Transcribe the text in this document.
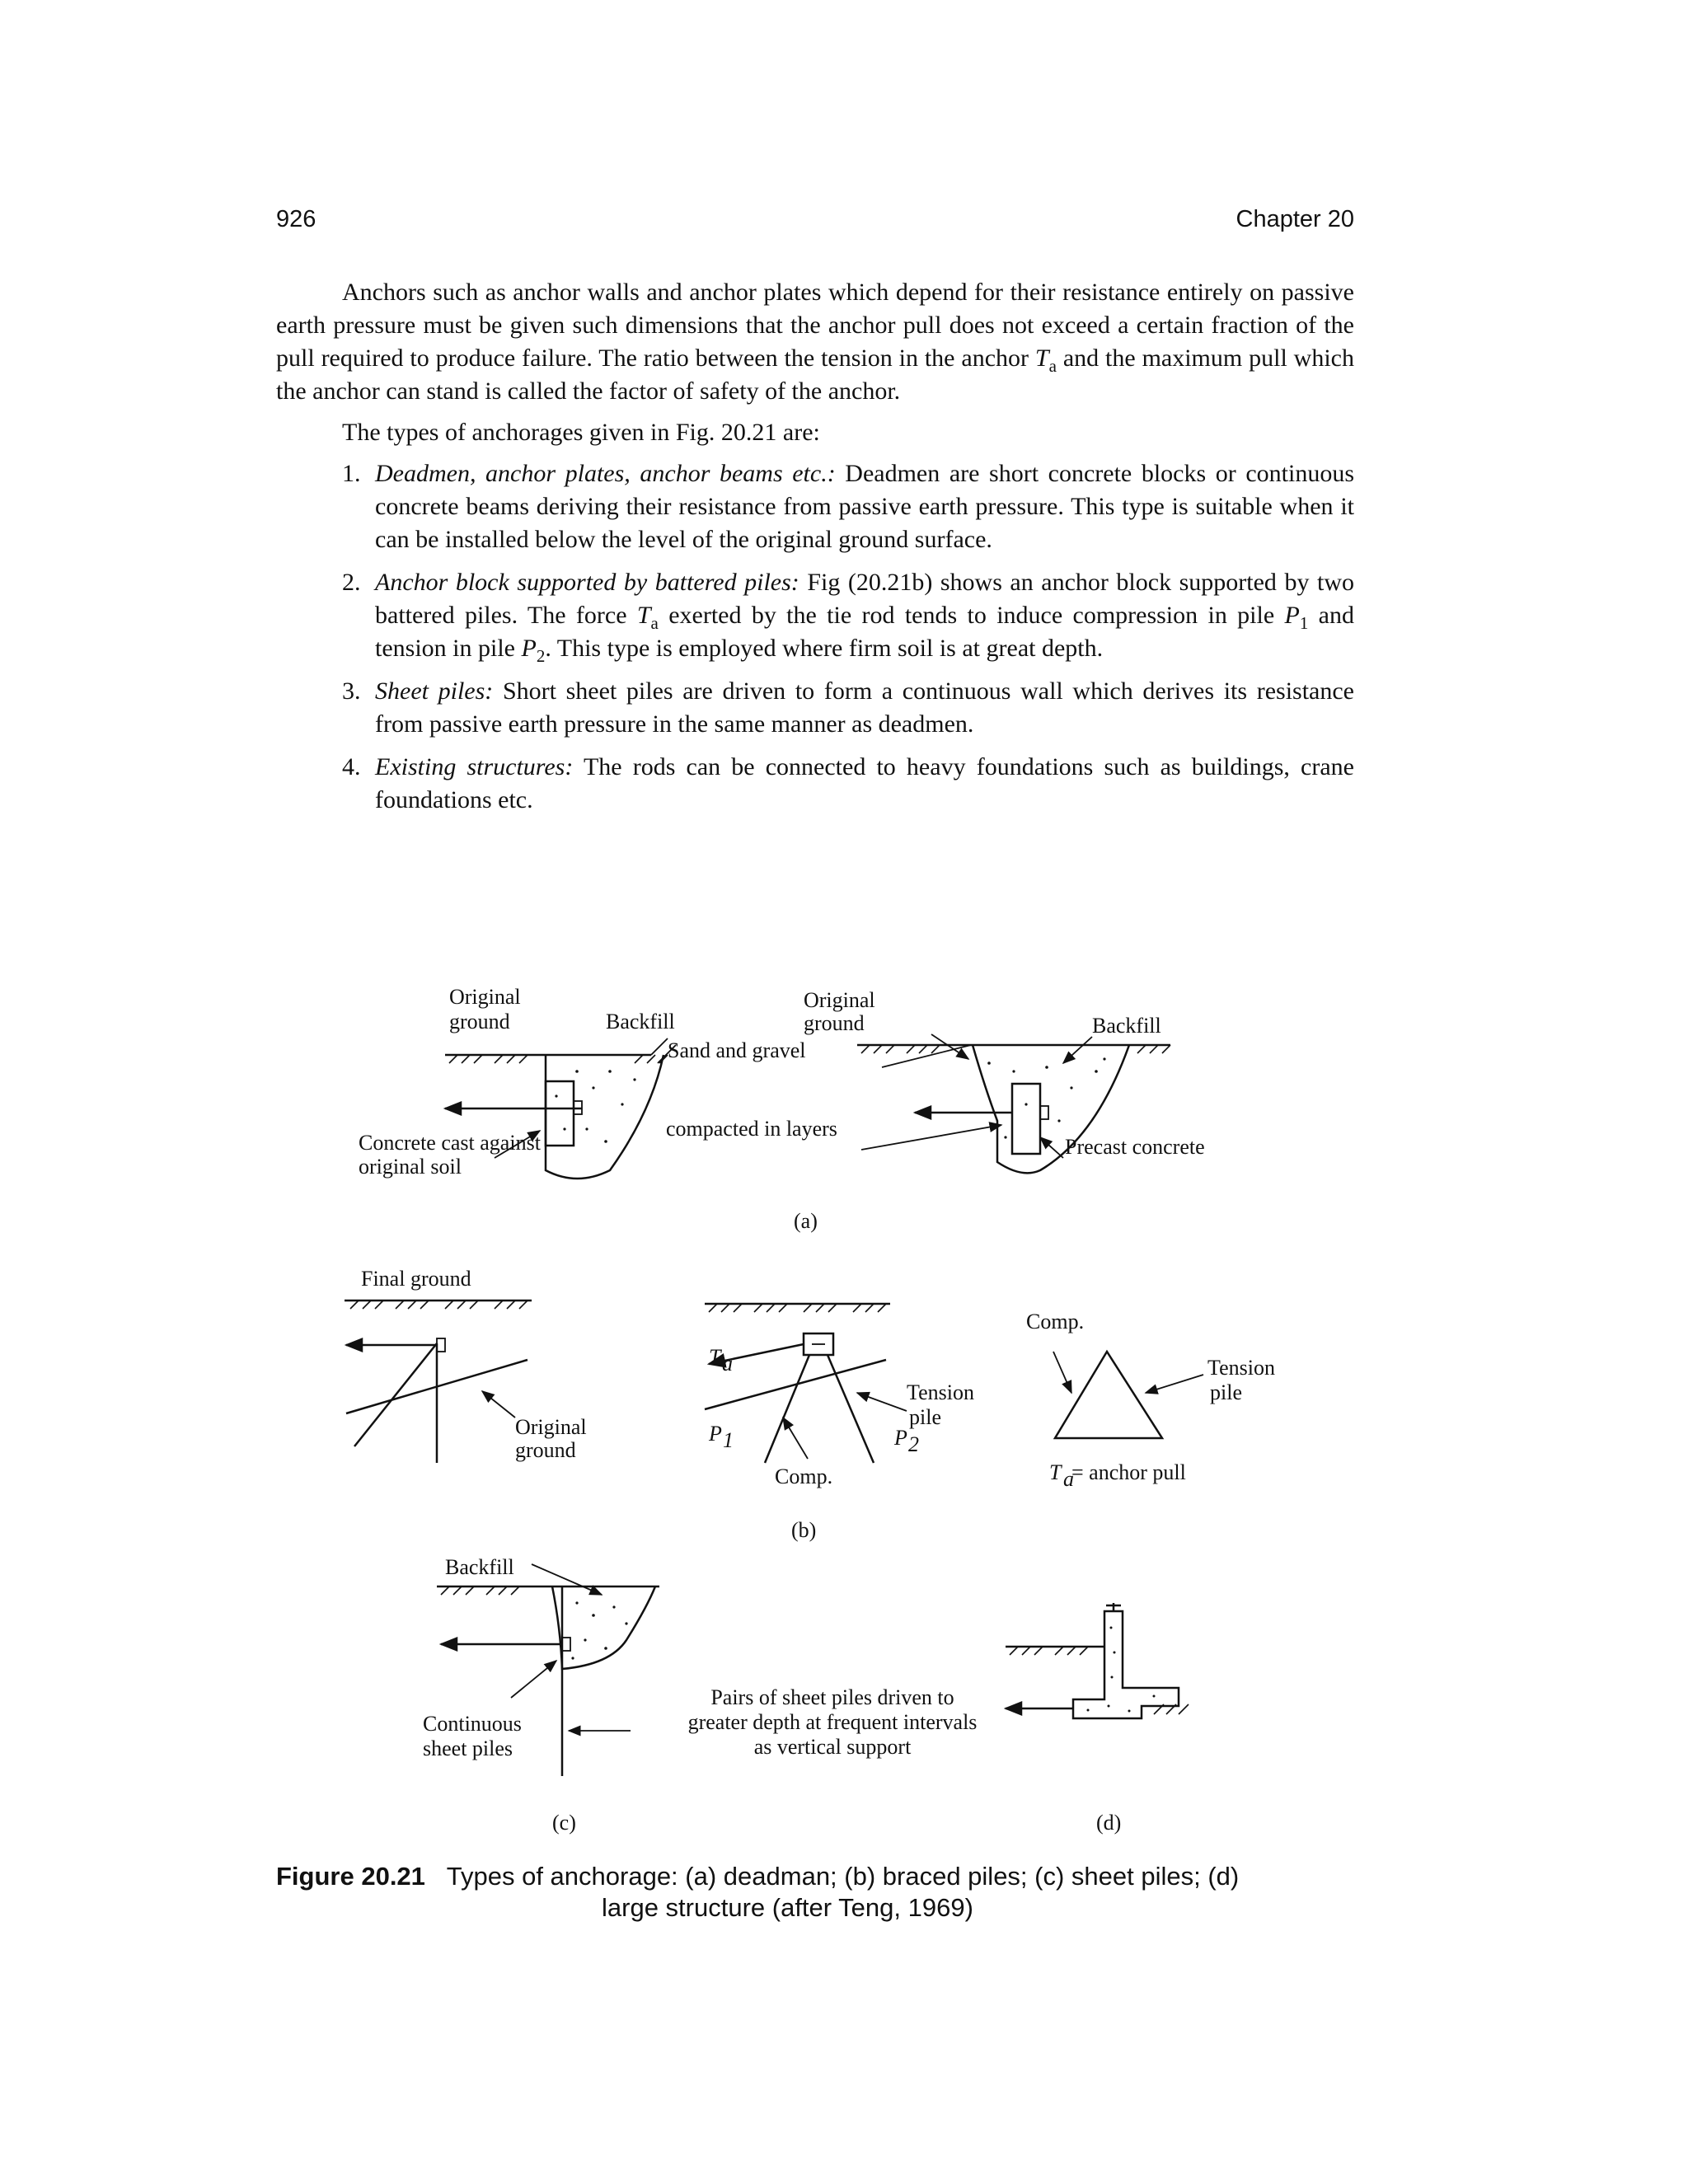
926	Chapter 20

Anchors such as anchor walls and anchor plates which depend for their resistance entirely on passive earth pressure must be given such dimensions that the anchor pull does not exceed a certain fraction of the pull required to produce failure. The ratio between the tension in the anchor $T_a$ and the maximum pull which the anchor can stand is called the factor of safety of the anchor.

The types of anchorages given in Fig. 20.21 are:

1. Deadmen, anchor plates, anchor beams etc.: Deadmen are short concrete blocks or continuous concrete beams deriving their resistance from passive earth pressure. This type is suitable when it can be installed below the level of the original ground surface.
2. Anchor block supported by battered piles: Fig (20.21b) shows an anchor block supported by two battered piles. The force $T_a$ exerted by the tie rod tends to induce compression in pile $P_1$ and tension in pile $P_2$. This type is employed where firm soil is at great depth.
3. Sheet piles: Short sheet piles are driven to form a continuous wall which derives its resistance from passive earth pressure in the same manner as deadmen.
4. Existing structures: The rods can be connected to heavy foundations such as buildings, crane foundations etc.
Original
ground	Backfill
Concrete cast against
original soil
Sand and gravel
Original
ground	Backfill
Precast concrete
(a)
compacted in layers
Final ground
Original
ground
T a
Tension
pile
P 1	P 2
Comp.
(b)
Comp.
Tension
pile
T a
= anchor pull
Backfill
Continuous
sheet piles
Pairs of sheet piles driven to
greater depth at frequent intervals
as vertical support
(c)	(d)
Figure 20.21 Types of anchorage: (a) deadman; (b) braced piles; (c) sheet piles; (d)
large structure (after Teng, 1969)
